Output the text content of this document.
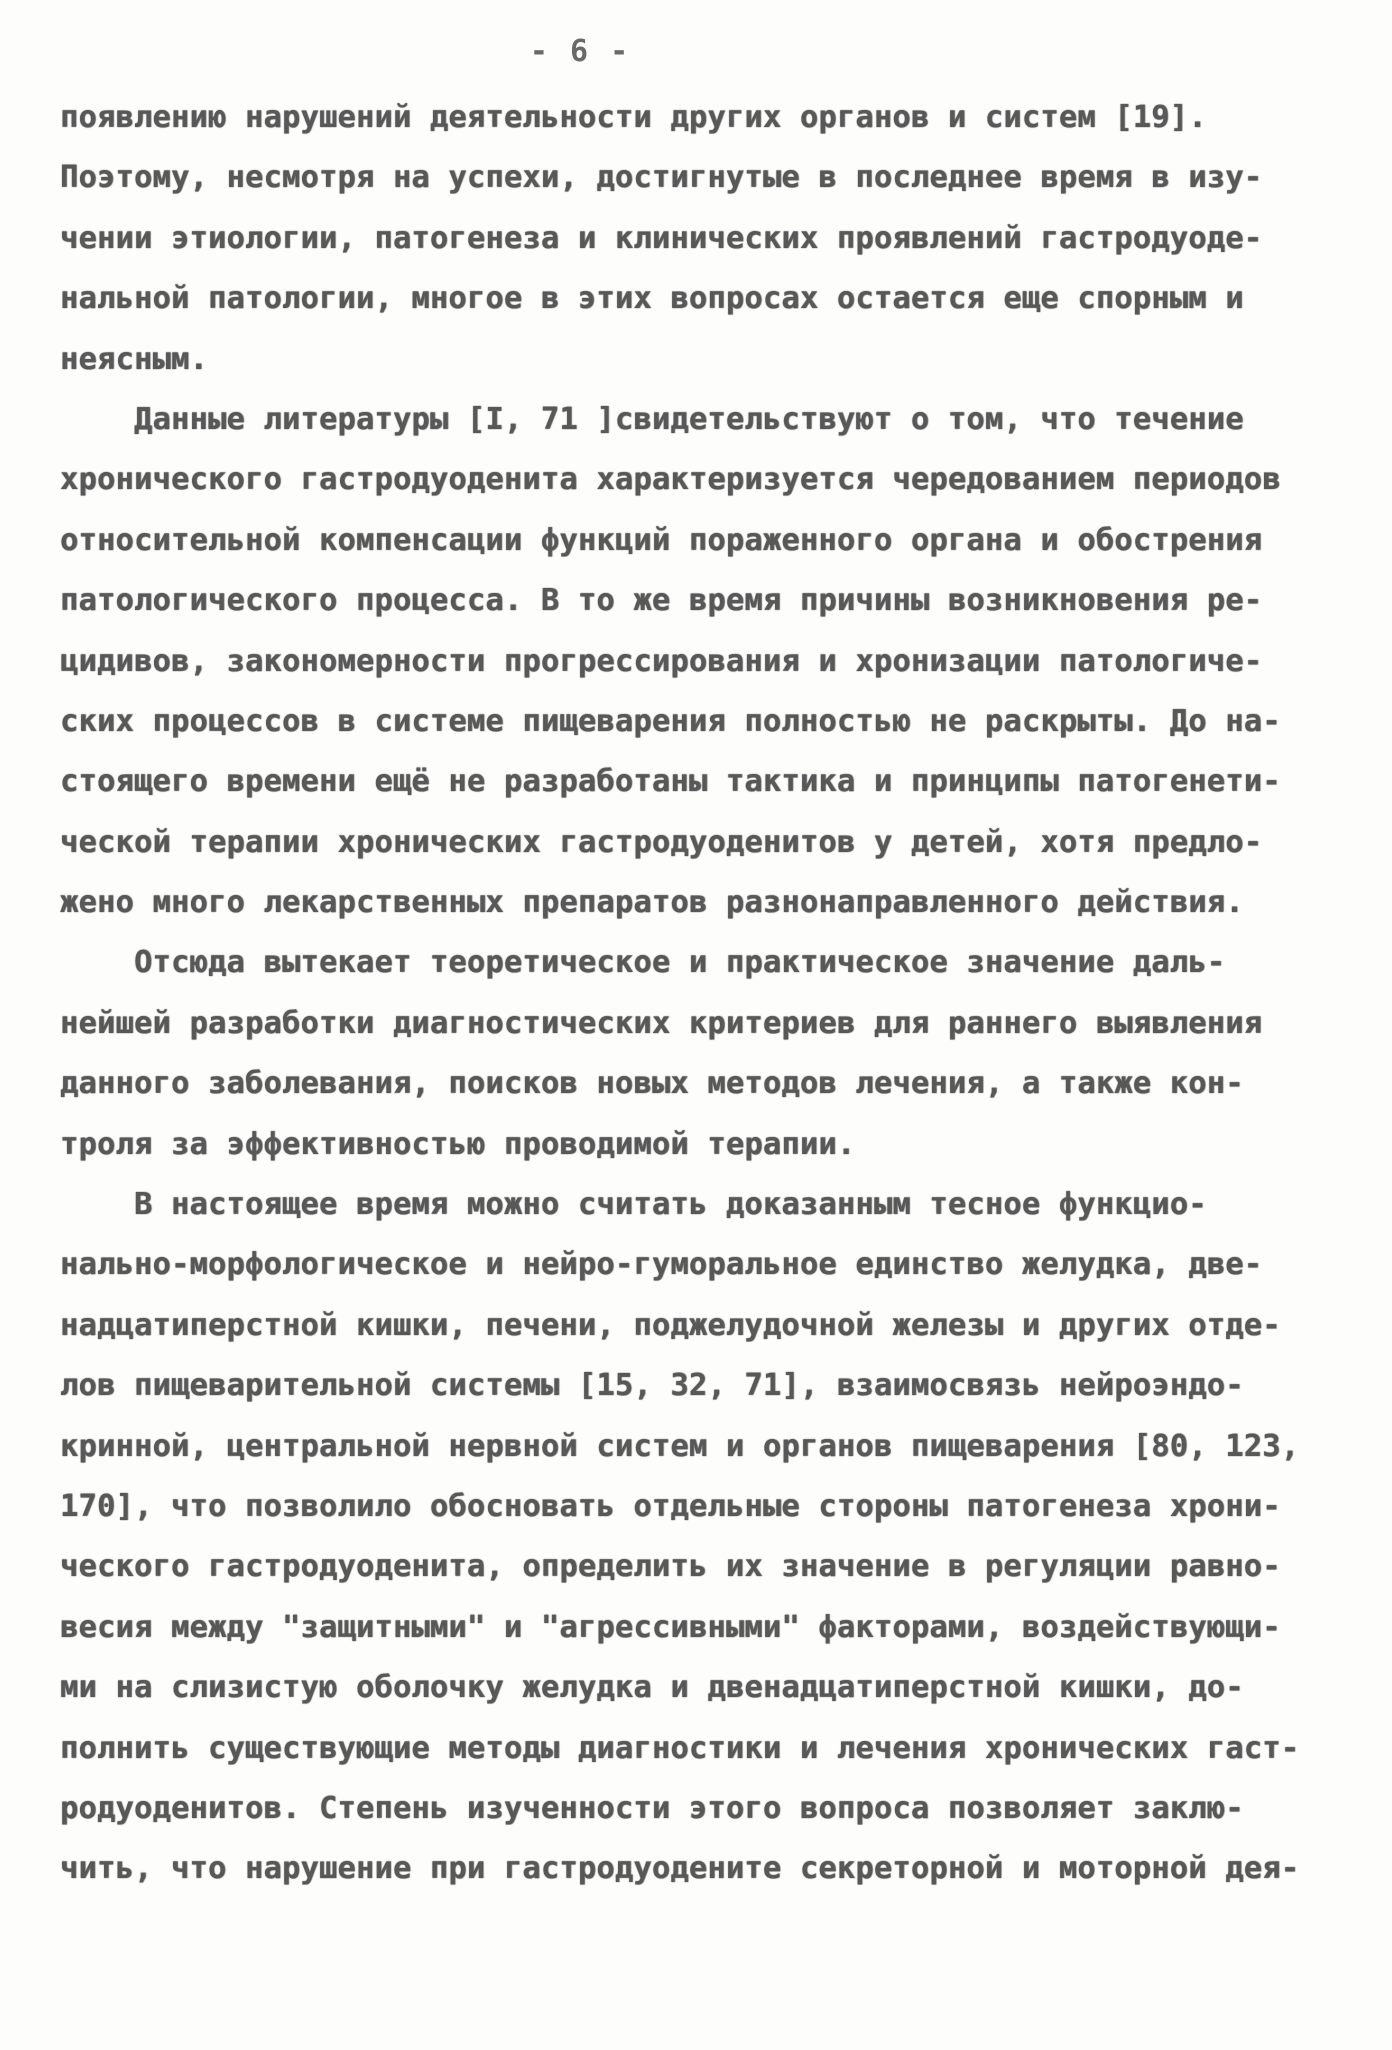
- 6 -
появлению нарушений деятельности других органов и систем [19].
Поэтому, несмотря на успехи, достигнутые в последнее время в изу-
чении этиологии, патогенеза и клинических проявлений гастродуоде-
нальной патологии, многое в этих вопросах остается еще спорным и
неясным.
Данные литературы [I, 71 ]свидетельствуют о том, что течение
хронического гастродуоденита характеризуется чередованием периодов
относительной компенсации функций пораженного органа и обострения
патологического процесса. В то же время причины возникновения ре-
цидивов, закономерности прогрессирования и хронизации патологиче-
ских процессов в системе пищеварения полностью не раскрыты. До на-
стоящего времени ещё не разработаны тактика и принципы патогенети-
ческой терапии хронических гастродуоденитов у детей, хотя предло-
жено много лекарственных препаратов разнонаправленного действия.
Отсюда вытекает теоретическое и практическое значение даль-
нейшей разработки диагностических критериев для раннего выявления
данного заболевания, поисков новых методов лечения, а также кон-
троля за эффективностью проводимой терапии.
В настоящее время можно считать доказанным тесное функцио-
нально-морфологическое и нейро-гуморальное единство желудка, две-
надцатиперстной кишки, печени, поджелудочной железы и других отде-
лов пищеварительной системы [15, 32, 71], взаимосвязь нейроэндо-
кринной, центральной нервной систем и органов пищеварения [80, 123,
170], что позволило обосновать отдельные стороны патогенеза хрони-
ческого гастродуоденита, определить их значение в регуляции равно-
весия между "защитными" и "агрессивными" факторами, воздействующи-
ми на слизистую оболочку желудка и двенадцатиперстной кишки, до-
полнить существующие методы диагностики и лечения хронических гаст-
родуоденитов. Степень изученности этого вопроса позволяет заклю-
чить, что нарушение при гастродуодените секреторной и моторной дея-
